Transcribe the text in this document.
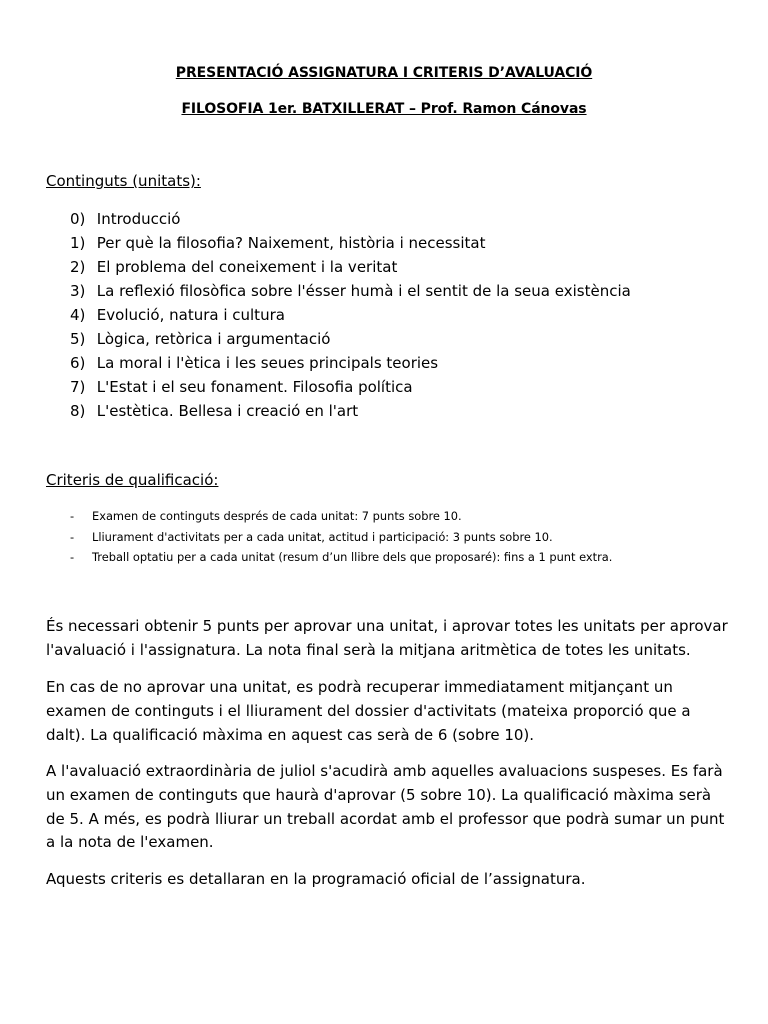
PRESENTACIÓ ASSIGNATURA I CRITERIS D’AVALUACIÓ
FILOSOFIA 1er. BATXILLERAT – Prof. Ramon Cánovas
Continguts (unitats):
0) Introducció
1) Per què la filosofia? Naixement, història i necessitat
2) El problema del coneixement i la veritat
3) La reflexió filosòfica sobre l'ésser humà i el sentit de la seua existència
4) Evolució, natura i cultura
5) Lògica, retòrica i argumentació
6) La moral i l'ètica i les seues principals teories
7) L'Estat i el seu fonament. Filosofia política
8) L'estètica. Bellesa i creació en l'art
Criteris de qualificació:
- Examen de continguts després de cada unitat: 7 punts sobre 10.
- Lliurament d'activitats per a cada unitat, actitud i participació: 3 punts sobre 10.
- Treball optatiu per a cada unitat (resum d’un llibre dels que proposaré): fins a 1 punt extra.

És necessari obtenir 5 punts per aprovar una unitat, i aprovar totes les unitats per aprovar l'avaluació i l'assignatura. La nota final serà la mitjana aritmètica de totes les unitats.

En cas de no aprovar una unitat, es podrà recuperar immediatament mitjançant un examen de continguts i el lliurament del dossier d'activitats (mateixa proporció que a dalt). La qualificació màxima en aquest cas serà de 6 (sobre 10).

A l'avaluació extraordinària de juliol s'acudirà amb aquelles avaluacions suspeses. Es farà un examen de continguts que haurà d'aprovar (5 sobre 10). La qualificació màxima serà de 5. A més, es podrà lliurar un treball acordat amb el professor que podrà sumar un punt a la nota de l'examen.

Aquests criteris es detallaran en la programació oficial de l’assignatura.
